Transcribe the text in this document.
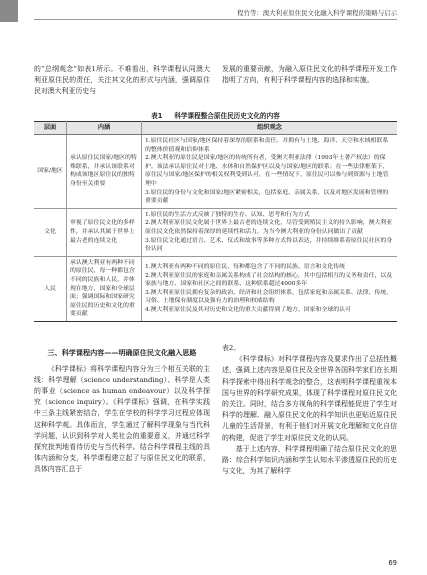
程竹等：澳大利亚原住民文化融入科学课程的策略与启示

的“总纲观念”如表1所示。不难看出，科学课程认同澳大利亚原住民的责任，关注其文化的形式与内涵，强调原住民对澳大利亚历史与

发展的重要贡献，为融入原住民文化的科学课程开发工作指明了方向，有利于科学课程内容的选择和实施。

表1 科学课程整合原住民历史文化的内容
层面	内涵	组织观念
国家/地区	承认原住民国家/地区的特殊联系，并承认该联系对构成该地区原住民的独特身份至关重要	1.原住民社区与国家/地区保持着深厚的联系和责任，并拥有与土地、海洋、天空和水域相联系的整体价值观和信仰体系
2.澳大利亚的原住民是国家/地区的传统所有者，受澳大利亚法律（1993年土著产权法）的保护。该法承认原住民对土地、水体和自然保护区以及与国家/地区的联系；在一些法律框架下，原住民与国家/地区保护的相关权利受到认可，在一些情况下，原住民可以参与到资源与土地管理中
3.原住民的身份与文化和国家/地区紧密相关，包括家庭、亲属关系，以及对地区发展和管理的重要贡献

文化	审视了原住民文化的多样性，并承认其属于世界上最古老的连续文化	1.原住民的生活方式反映了独特的生存、认知、思考和行为方式
2.澳大利亚原住民文化属于世界上最古老的连续文化，尽管受到殖民主义的持久影响，澳大利亚原住民文化依然保持着深厚的延续性和活力，为当今澳大利亚的身份认同做出了贡献
3.原住民文化通过语言、艺术、仪式和故事等多种方式得以表达，并持续维系着原住民社区的身份认同

人民	承认澳大利亚有两种不同的原住民，每一种都包含不同的民族和人民，并体现在地方、国家和全球层面；强调国际和国家研究原住民的历史和文化的重要贡献	1.澳大利亚有两种不同的原住民，每种都包含了不同的民族、语言和文化传统
2.澳大利亚原住民的家庭和亲属关系构成了社会结构的核心，其中包括相互的义务和责任，以及家族与地方、国家和社区之间的联系，这种联系超过4000多年
3.澳大利亚原住民拥有复杂的政治、经济和社会组织体系，包括家庭和亲属关系、法律、传统、习俗、土地保有制度以及强有力的治理和权威结构
4.澳大利亚原住民及其对历史和文化的重大贡献得到了地方、国家和全球的认可
三、科学课程内容——明确原住民文化融入思路

《科学课标》将科学课程内容分为三个相互关联的主线：科学理解（science understanding）、科学是人类的事业（science as human endeavour）以及科学探究（science inquiry）。《科学课标》强调，在科学实践中三条主线紧密结合，学生在学校的科学学习过程应体现这种科学观。具体而言，学生通过了解科学现象与当代科学问题，认识到科学对人类社会的重要意义，并通过科学探究批判地看待历史与当代科学。结合科学课程主线的具体内涵和分支，科学课程建立起了与原住民文化的联系，具体内容汇总于

表2。

《科学课标》对科学课程内容及要求作出了总括性概述，强调上述内容是原住民及全世界各国科学家们在长期科学探索中得出科学观念的整合，这表明科学课程重视本国与世界的科学研究成果，体现了科学课程对原住民文化的关注。同时，结合多方视角的科学课程能促进了学生对科学的理解、融入原住民文化的科学知识也更贴近原住民儿童的生活背景，有利于他们对开展文化理解和文化自信的构建，促进了学生对原住民文化的认同。

基于上述内容，科学课程明确了结合原住民文化的思路：综合科学知识内涵和学生认知水平渗透原住民的历史与文化，为其了解科学

69
